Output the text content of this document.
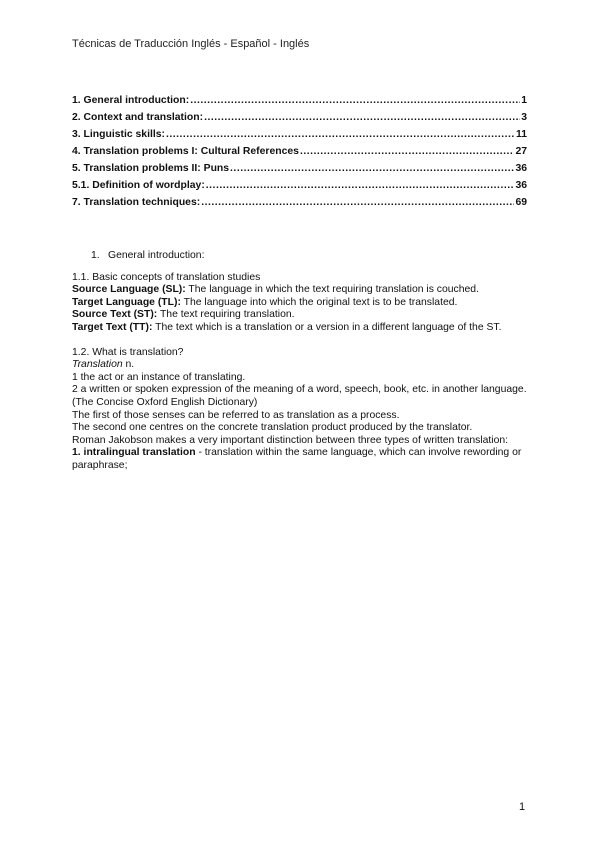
Técnicas de Traducción Inglés - Español - Inglés
1. General introduction: .....	1
2. Context and translation: .....	3
3. Linguistic skills: .....	11
4. Translation problems I: Cultural References .....	27
5. Translation problems II: Puns .....	36
5.1. Definition of wordplay: .....	36
7. Translation techniques: .....	69
1. General introduction:

1.1. Basic concepts of translation studies

Source Language (SL): The language in which the text requiring translation is couched.

Target Language (TL): The language into which the original text is to be translated.

Source Text (ST): The text requiring translation.

Target Text (TT): The text which is a translation or a version in a different language of the ST.

1.2. What is translation?

Translation n.

1 the act or an instance of translating.

2 a written or spoken expression of the meaning of a word, speech, book, etc. in another language.

(The Concise Oxford English Dictionary)

The first of those senses can be referred to as translation as a process.

The second one centres on the concrete translation product produced by the translator.

Roman Jakobson makes a very important distinction between three types of written translation:

1. intralingual translation - translation within the same language, which can involve rewording or paraphrase;

1
